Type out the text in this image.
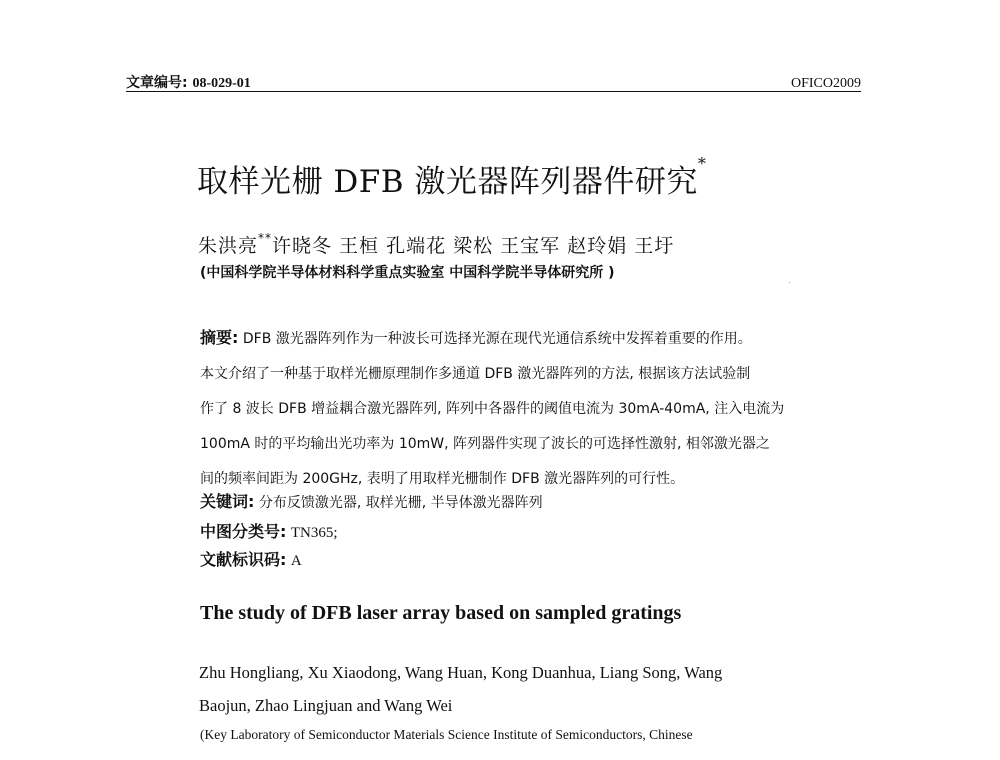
文章编号: 08-029-01	OFICO2009
取样光栅 DFB 激光器阵列器件研究*
朱洪亮**许晓冬 王桓 孔端花 梁松 王宝军 赵玲娟 王圩
(中国科学院半导体材料科学重点实验室 中国科学院半导体研究所 )
摘要: DFB 激光器阵列作为一种波长可选择光源在现代光通信系统中发挥着重要的作用。
本文介绍了一种基于取样光栅原理制作多通道 DFB 激光器阵列的方法, 根据该方法试验制
作了 8 波长 DFB 增益耦合激光器阵列, 阵列中各器件的阈值电流为 30mA-40mA, 注入电流为
100mA 时的平均输出光功率为 10mW, 阵列器件实现了波长的可选择性激射, 相邻激光器之
间的频率间距为 200GHz, 表明了用取样光栅制作 DFB 激光器阵列的可行性。
关键词: 分布反馈激光器, 取样光栅, 半导体激光器阵列
中图分类号: TN365;
文献标识码: A
The study of DFB laser array based on sampled gratings
Zhu Hongliang, Xu Xiaodong, Wang Huan, Kong Duanhua, Liang Song, Wang
Baojun, Zhao Lingjuan and Wang Wei
(Key Laboratory of Semiconductor Materials Science Institute of Semiconductors, Chinese
